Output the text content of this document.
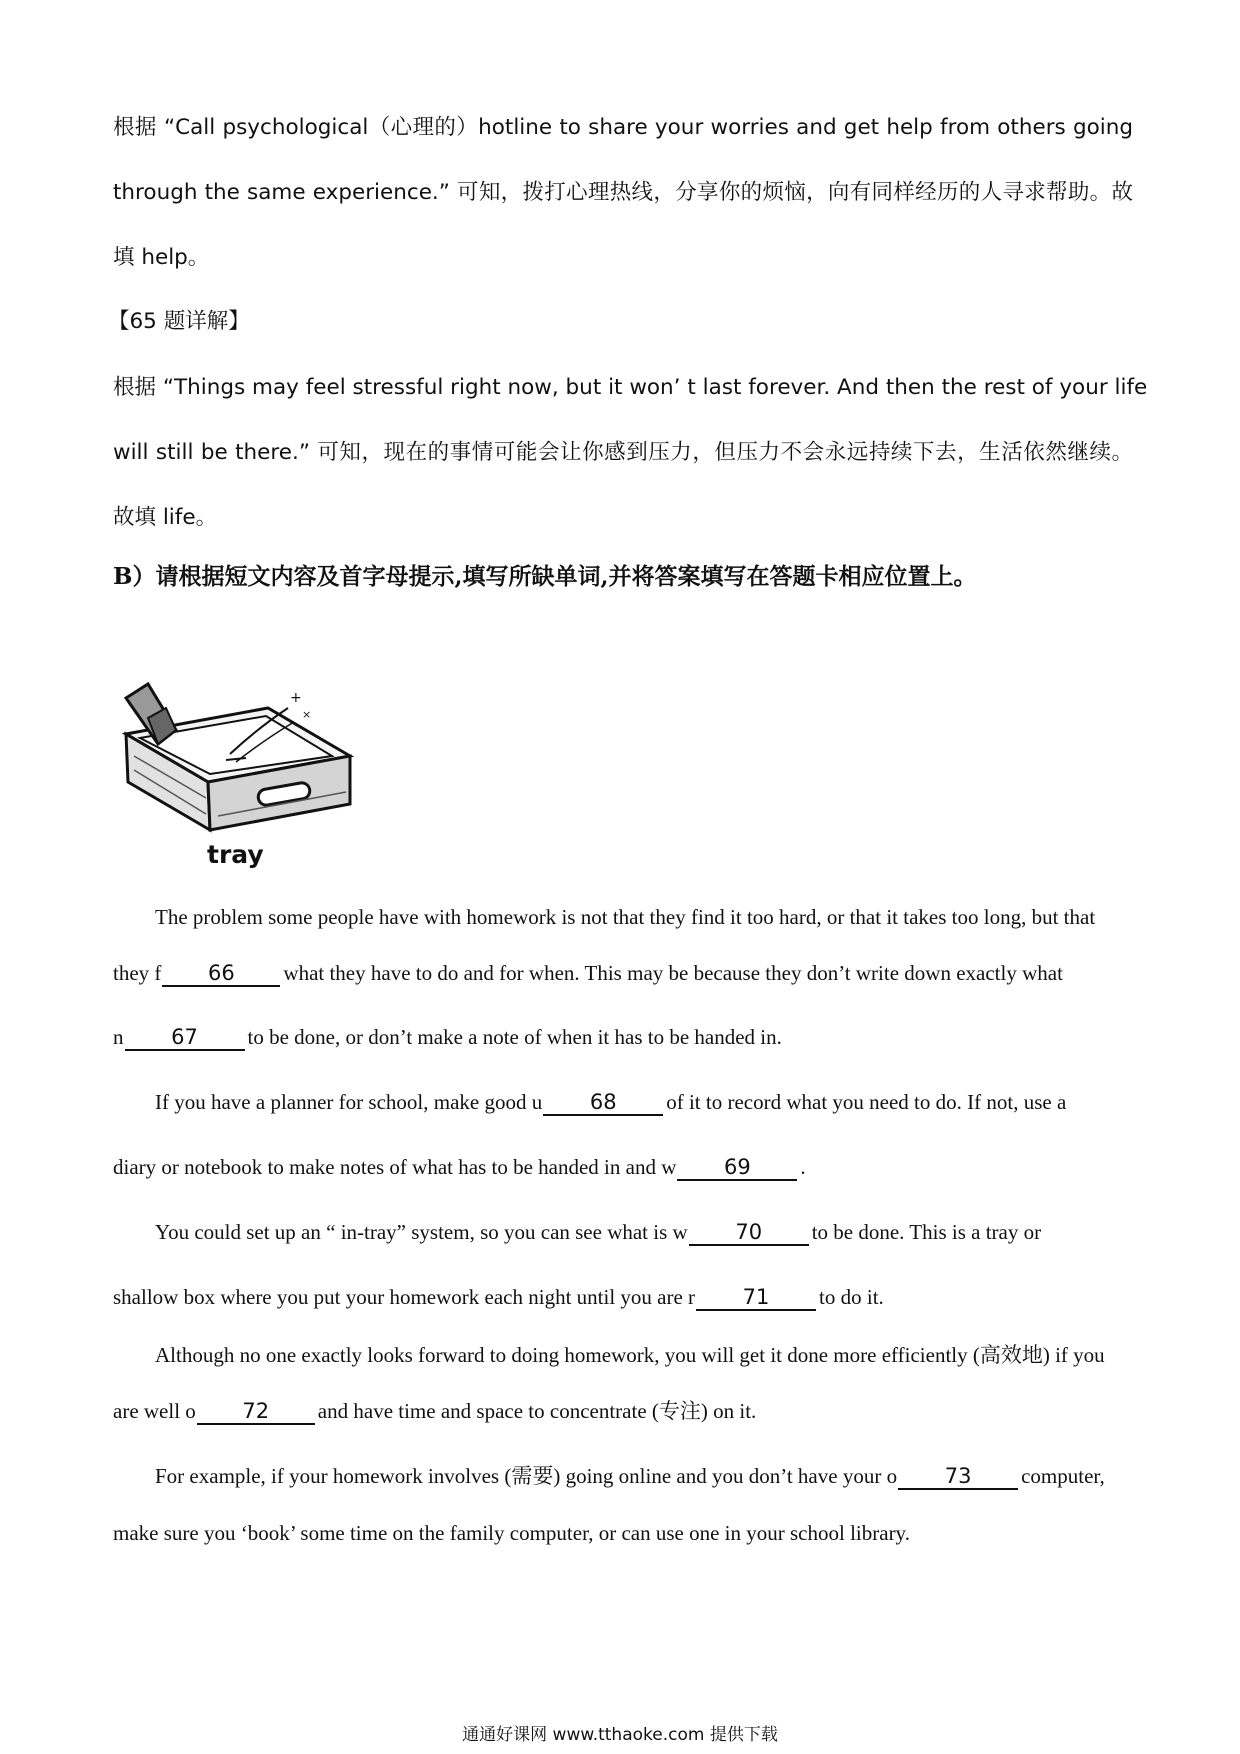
根据 “Call psychological（心理的）hotline to share your worries and get help from others going
through the same experience.” 可知，拨打心理热线，分享你的烦恼，向有同样经历的人寻求帮助。故
填 help。
【65 题详解】
根据 “Things may feel stressful right now, but it won’ t last forever. And then the rest of your life
will still be there.” 可知，现在的事情可能会让你感到压力，但压力不会永远持续下去，生活依然继续。
故填 life。
B）请根据短文内容及首字母提示,填写所缺单词,并将答案填写在答题卡相应位置上。
+
×
tray
The problem some people have with homework is not that they find it too hard, or that it takes too long, but that
they f 66 what they have to do and for when. This may be because they don’t write down exactly what
n 67 to be done, or don’t make a note of when it has to be handed in.
If you have a planner for school, make good u 68 of it to record what you need to do. If not, use a
diary or notebook to make notes of what has to be handed in and w 69 .
You could set up an “ in-tray” system, so you can see what is w 70 to be done. This is a tray or
shallow box where you put your homework each night until you are r 71 to do it.
Although no one exactly looks forward to doing homework, you will get it done more efficiently (高效地) if you
are well o 72 and have time and space to concentrate (专注) on it.
For example, if your homework involves (需要) going online and you don’t have your o 73 computer,
make sure you ‘book’ some time on the family computer, or can use one in your school library.
通通好课网 www.tthaoke.com 提供下载
